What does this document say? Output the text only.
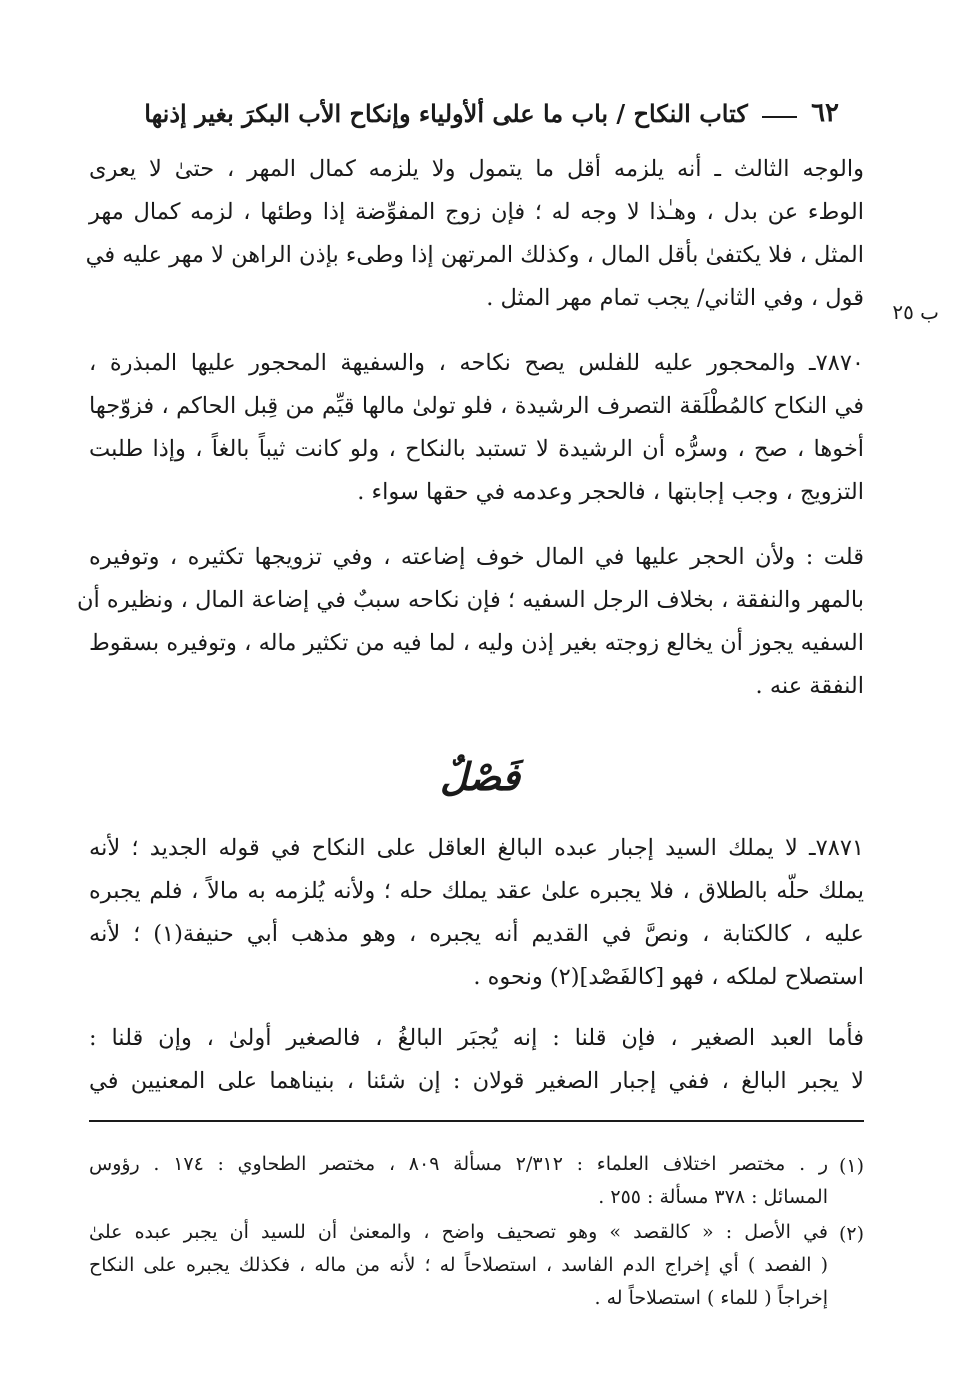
٦٢
كتاب النكاح / باب ما على ألأولياء وإنكاح الأب البكرَ بغير إذنها
والوجه الثالث ـ أنه يلزمه أقل ما يتمول ولا يلزمه كمال المهر ، حتىٰ لا يعرى
الوطء عن بدل ، وهـٰذا لا وجه له ؛ فإن زوج المفوِّضة إذا وطئها ، لزمه كمال مهر
المثل ، فلا يكتفىٰ بأقل المال ، وكذلك المرتهن إذا وطىء بإذن الراهن لا مهر عليه في
قول ، وفي الثاني/ يجب تمام مهر المثل .
ب ٢٥
٧٨٧٠ـ والمحجور عليه للفلس يصح نكاحه ، والسفيهة المحجور عليها المبذرة ،
في النكاح كالمُطْلَقة التصرف الرشيدة ، فلو تولىٰ مالها قيِّم من قِبل الحاكم ، فزوّجها
أخوها ، صح ، وسرُّه أن الرشيدة لا تستبد بالنكاح ، ولو كانت ثيباً بالغاً ، وإذا طلبت
التزويج ، وجب إجابتها ، فالحجر وعدمه في حقها سواء .
قلت : ولأن الحجر عليها في المال خوف إضاعته ، وفي تزويجها تكثيره ، وتوفيره
بالمهر والنفقة ، بخلاف الرجل السفيه ؛ فإن نكاحه سببٌ في إضاعة المال ، ونظيره أن
السفيه يجوز أن يخالع زوجته بغير إذن وليه ، لما فيه من تكثير ماله ، وتوفيره بسقوط
النفقة عنه .
فَصْلٌ
٧٨٧١ـ لا يملك السيد إجبار عبده البالغ العاقل على النكاح في قوله الجديد ؛ لأنه
يملك حلّه بالطلاق ، فلا يجبره علىٰ عقد يملك حله ؛ ولأنه يُلزمه به مالاً ، فلم يجبره
عليه ، كالكتابة ، ونصَّ في القديم أنه يجبره ، وهو مذهب أبي حنيفة(١) ؛ لأنه
استصلاح لملكه ، فهو [كالفَصْد](٢) ونحوه .
فأما العبد الصغير ، فإن قلنا : إنه يُجبَر البالغُ ، فالصغير أولىٰ ، وإن قلنا :
لا يجبر البالغ ، ففي إجبار الصغير قولان : إن شئنا ، بنيناهما على المعنيين في
(١)
ر . مختصر اختلاف العلماء : ٢/٣١٢ مسألة ٨٠٩ ، مختصر الطحاوي : ١٧٤ . رؤوس
المسائل : ٣٧٨ مسألة : ٢٥٥ .
(٢)
في الأصل : « كالقصد » وهو تصحيف واضح ، والمعنىٰ أن للسيد أن يجبر عبده علىٰ
( الفصد ) أي إخراج الدم الفاسد ، استصلاحاً له ؛ لأنه من ماله ، فكذلك يجبره على النكاح
إخراجاً ( للماء ) استصلاحاً له .
